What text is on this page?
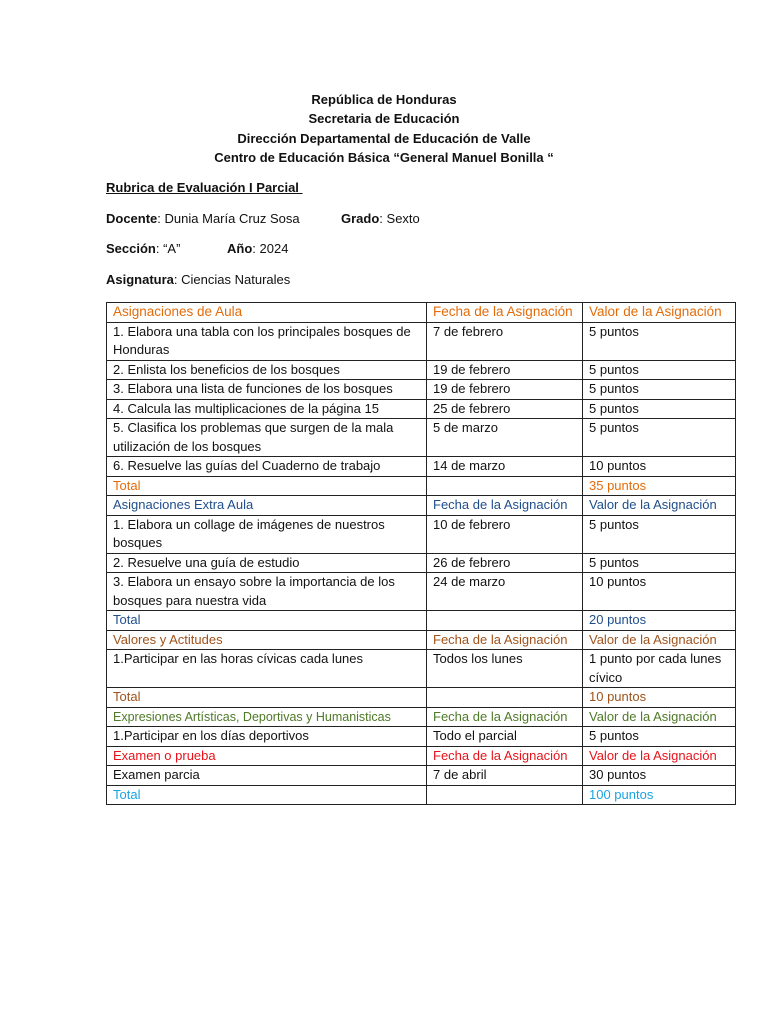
República de Honduras
Secretaria de Educación
Dirección Departamental de Educación de Valle
Centro de Educación Básica “General Manuel Bonilla “
Rubrica de Evaluación I Parcial
Docente: Dunia María Cruz Sosa	Grado: Sexto
Sección: “A”	Año: 2024
Asignatura: Ciencias Naturales
Asignaciones de Aula	Fecha de la Asignación	Valor de la Asignación
1. Elabora una tabla con los principales bosques de Honduras	7 de febrero	5 puntos
2. Enlista los beneficios de los bosques	19 de febrero	5 puntos
3. Elabora una lista de funciones de los bosques	19 de febrero	5 puntos
4. Calcula las multiplicaciones de la página 15	25 de febrero	5 puntos
5. Clasifica los problemas que surgen de la mala utilización de los bosques	5 de marzo	5 puntos
6. Resuelve las guías del Cuaderno de trabajo	14 de marzo	10 puntos
Total		35 puntos
Asignaciones Extra Aula	Fecha de la Asignación	Valor de la Asignación
1. Elabora un collage de imágenes de nuestros bosques	10 de febrero	5 puntos
2. Resuelve una guía de estudio	26 de febrero	5 puntos
3. Elabora un ensayo sobre la importancia de los bosques para nuestra vida	24 de marzo	10 puntos
Total		20 puntos
Valores y Actitudes	Fecha de la Asignación	Valor de la Asignación
1.Participar en las horas cívicas cada lunes	Todos los lunes	1 punto por cada lunes cívico
Total		10 puntos
Expresiones Artísticas, Deportivas y Humanisticas	Fecha de la Asignación	Valor de la Asignación
1.Participar en los días deportivos	Todo el parcial	5 puntos
Examen o prueba	Fecha de la Asignación	Valor de la Asignación
Examen parcia	7 de abril	30 puntos
Total		100 puntos
